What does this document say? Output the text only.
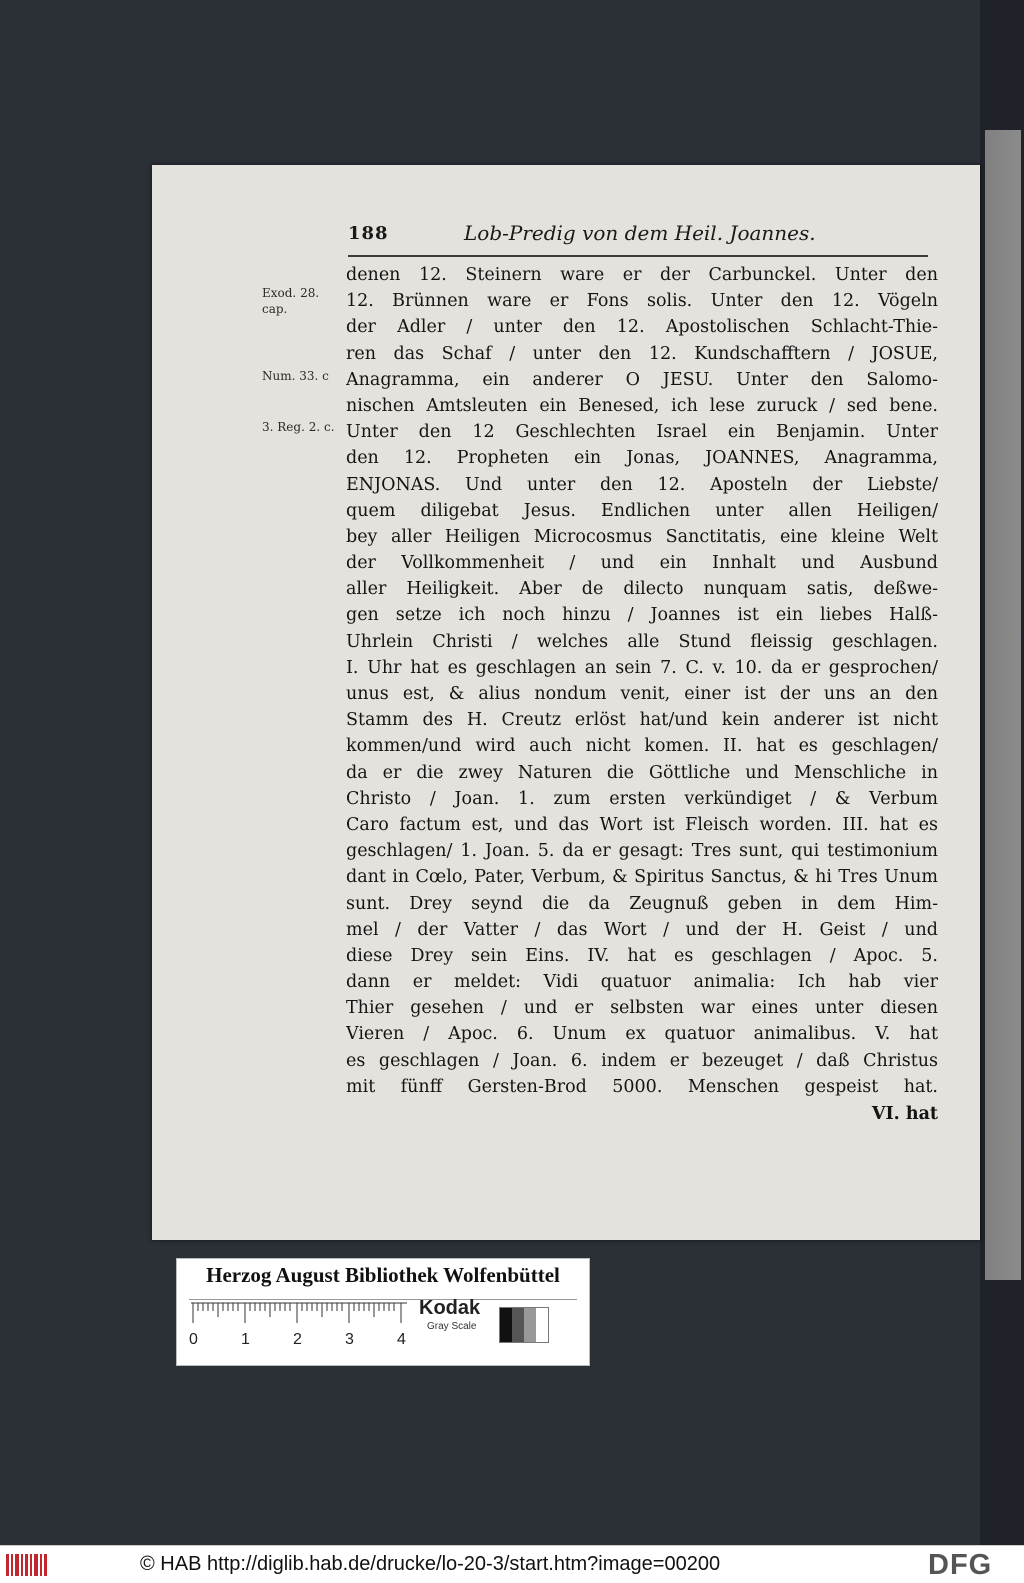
188	Lob-Predig von dem Heil. Joannes.
Exod. 28. cap.
Num. 33. c
3. Reg. 2. c.
denen 12. Steinern ware er der Carbunckel. Unter den
12. Brünnen ware er Fons solis. Unter den 12. Vögeln
der Adler / unter den 12. Apostolischen Schlacht-Thie-
ren das Schaf / unter den 12. Kundschafftern / JOSUE,
Anagramma, ein anderer O JESU. Unter den Salomo-
nischen Amtsleuten ein Benesed, ich lese zuruck / sed bene.
Unter den 12 Geschlechten Israel ein Benjamin. Unter
den 12. Propheten ein Jonas, JOANNES, Anagramma,
ENJONAS. Und unter den 12. Aposteln der Liebste/
quem diligebat Jesus. Endlichen unter allen Heiligen/
bey aller Heiligen Microcosmus Sanctitatis, eine kleine Welt
der Vollkommenheit / und ein Innhalt und Ausbund
aller Heiligkeit. Aber de dilecto nunquam satis, deßwe-
gen setze ich noch hinzu / Joannes ist ein liebes Halß-
Uhrlein Christi / welches alle Stund fleissig geschlagen.
I. Uhr hat es geschlagen an sein 7. C. v. 10. da er gesprochen/
unus est, & alius nondum venit, einer ist der uns an den
Stamm des H. Creutz erlöst hat/und kein anderer ist nicht
kommen/und wird auch nicht komen. II. hat es geschlagen/
da er die zwey Naturen die Göttliche und Menschliche in
Christo / Joan. 1. zum ersten verkündiget / & Verbum
Caro factum est, und das Wort ist Fleisch worden. III. hat es
geschlagen/ 1. Joan. 5. da er gesagt: Tres sunt, qui testimonium
dant in Cœlo, Pater, Verbum, & Spiritus Sanctus, & hi Tres Unum
sunt. Drey seynd die da Zeugnuß geben in dem Him-
mel / der Vatter / das Wort / und der H. Geist / und
diese Drey sein Eins. IV. hat es geschlagen / Apoc. 5.
dann er meldet: Vidi quatuor animalia: Ich hab vier
Thier gesehen / und er selbsten war eines unter diesen
Vieren / Apoc. 6. Unum ex quatuor animalibus. V. hat
es geschlagen / Joan. 6. indem er bezeuget / daß Christus
mit fünff Gersten-Brod 5000. Menschen gespeist hat.
VI. hat
Herzog August Bibliothek Wolfenbüttel
0	1	2	3	4
Kodak
Gray Scale
© HAB http://diglib.hab.de/drucke/lo-20-3/start.htm?image=00200	DFG
